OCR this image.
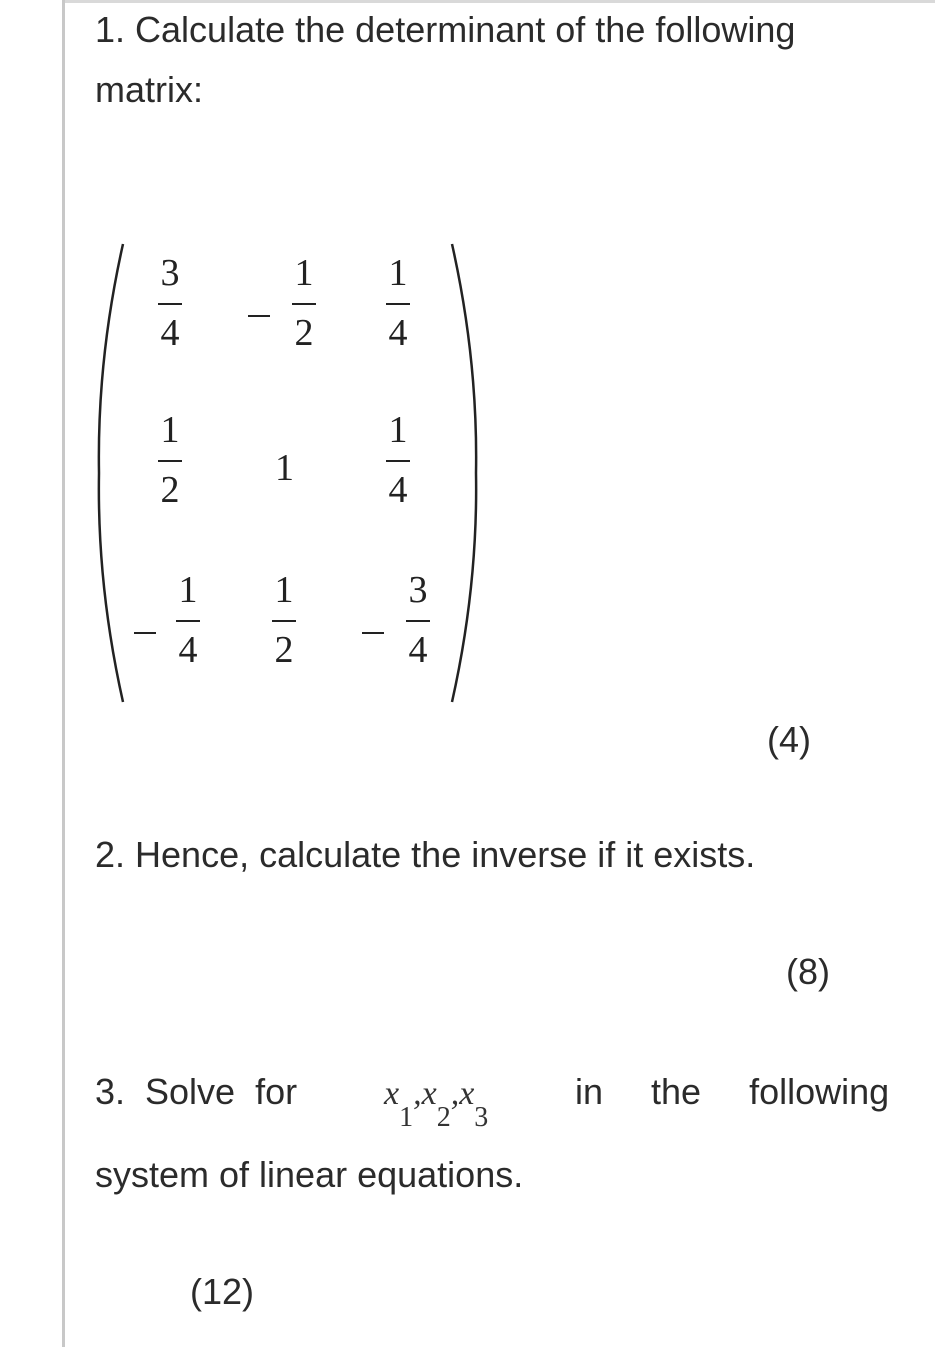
1. Calculate the determinant of the following
matrix:
3
4
1
2
1
4
1
2
1
1
4
1
4
1
2
3
4
(4)
2. Hence, calculate the inverse if it exists.
(8)
3.  Solve  for	$x_1,x_2,x_3$
in  the  following
system of linear equations.
(12)
